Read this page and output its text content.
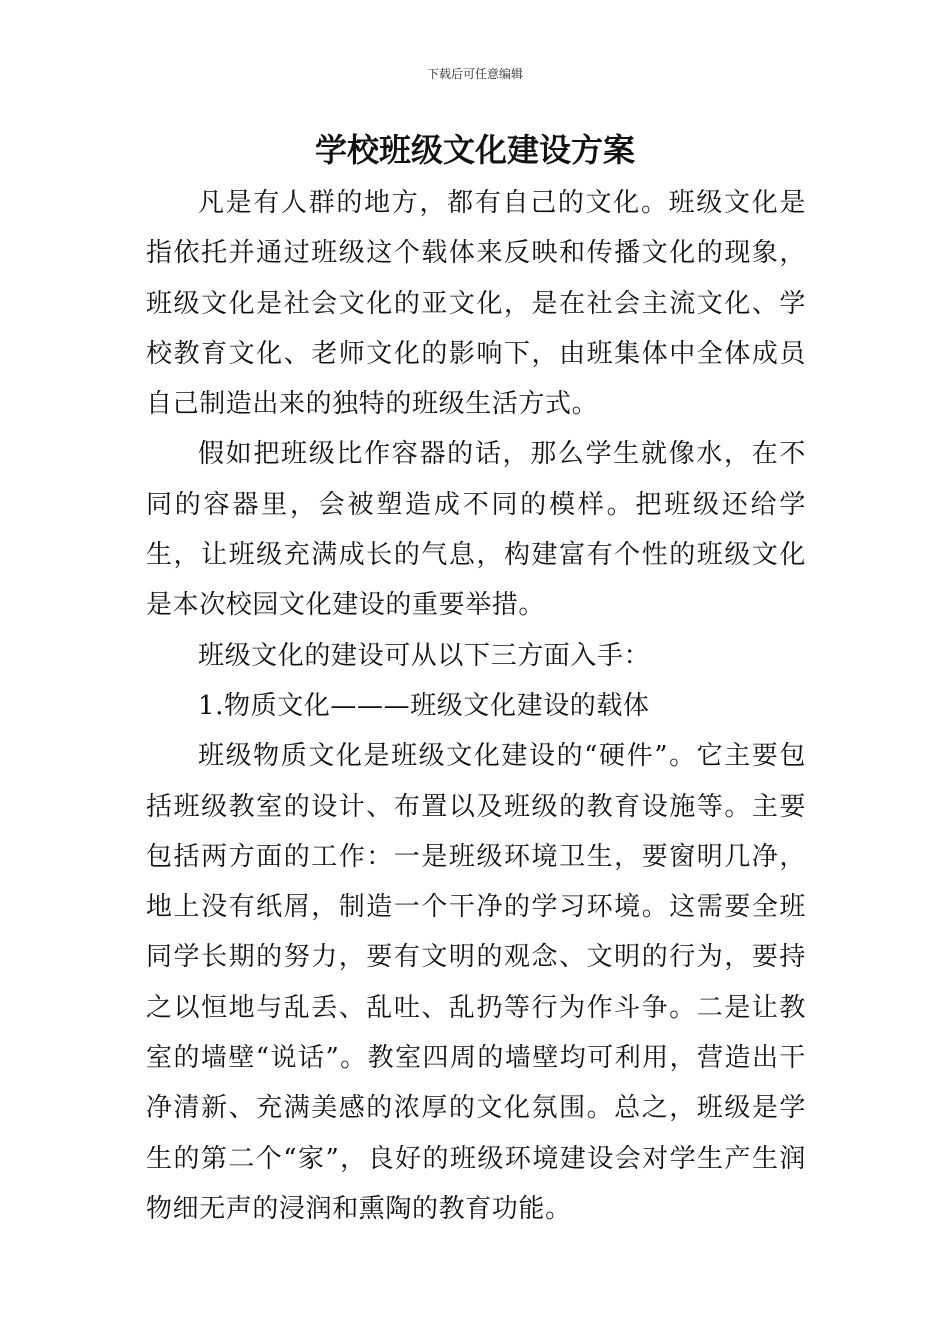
下载后可任意编辑
学校班级文化建设方案

凡是有人群的地方，都有自己的文化。班级文化是指依托并通过班级这个载体来反映和传播文化的现象，班级文化是社会文化的亚文化，是在社会主流文化、学校教育文化、老师文化的影响下，由班集体中全体成员自己制造出来的独特的班级生活方式。

假如把班级比作容器的话，那么学生就像水，在不同的容器里，会被塑造成不同的模样。把班级还给学生，让班级充满成长的气息，构建富有个性的班级文化是本次校园文化建设的重要举措。

班级文化的建设可从以下三方面入手：

1.物质文化———班级文化建设的载体

班级物质文化是班级文化建设的“硬件”。它主要包括班级教室的设计、布置以及班级的教育设施等。主要包括两方面的工作：一是班级环境卫生，要窗明几净，地上没有纸屑，制造一个干净的学习环境。这需要全班同学长期的努力，要有文明的观念、文明的行为，要持之以恒地与乱丢、乱吐、乱扔等行为作斗争。二是让教室的墙壁“说话”。教室四周的墙壁均可利用，营造出干净清新、充满美感的浓厚的文化氛围。总之，班级是学生的第二个“家”，良好的班级环境建设会对学生产生润物细无声的浸润和熏陶的教育功能。
